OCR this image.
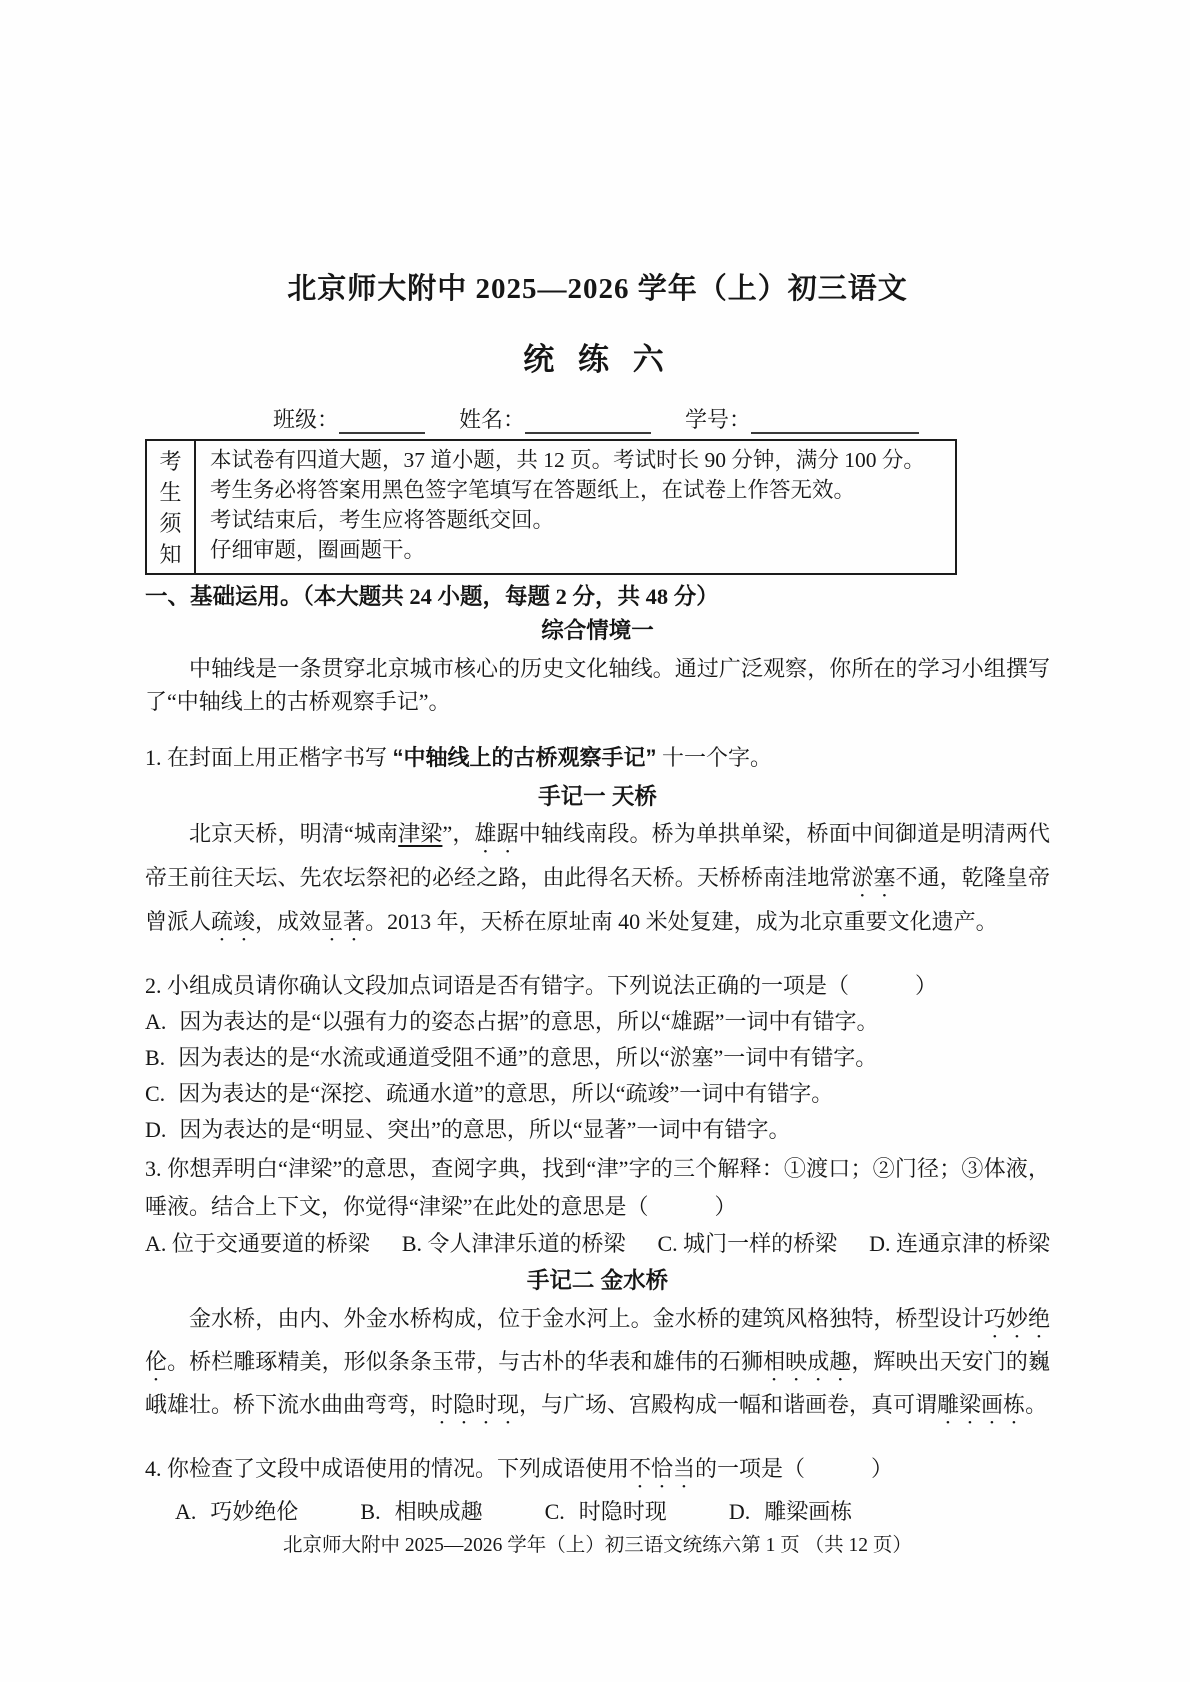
北京师大附中 2025—2026 学年（上）初三语文
统 练 六
班级：	姓名：	学号：
考
生
须
知
本试卷有四道大题，37 道小题，共 12 页。考试时长 90 分钟，满分 100 分。
考生务必将答案用黑色签字笔填写在答题纸上，在试卷上作答无效。
考试结束后，考生应将答题纸交回。
仔细审题，圈画题干。
一、基础运用。（本大题共 24 小题，每题 2 分，共 48 分）
综合情境一

中轴线是一条贯穿北京城市核心的历史文化轴线。通过广泛观察，你所在的学习小组撰写了“中轴线上的古桥观察手记”。

1. 在封面上用正楷字书写 “中轴线上的古桥观察手记” 十一个字。
手记一 天桥

北京天桥，明清“城南津梁”，雄踞中轴线南段。桥为单拱单梁，桥面中间御道是明清两代帝王前往天坛、先农坛祭祀的必经之路，由此得名天桥。天桥桥南洼地常淤塞不通，乾隆皇帝曾派人疏竣，成效显著。2013 年，天桥在原址南 40 米处复建，成为北京重要文化遗产。

2. 小组成员请你确认文段加点词语是否有错字。下列说法正确的一项是（　　　）
A. 因为表达的是“以强有力的姿态占据”的意思，所以“雄踞”一词中有错字。
B. 因为表达的是“水流或通道受阻不通”的意思，所以“淤塞”一词中有错字。
C. 因为表达的是“深挖、疏通水道”的意思，所以“疏竣”一词中有错字。
D. 因为表达的是“明显、突出”的意思，所以“显著”一词中有错字。
3. 你想弄明白“津梁”的意思，查阅字典，找到“津”字的三个解释：①渡口；②门径；③体液，唾液。结合上下文，你觉得“津梁”在此处的意思是（　　　）
A. 位于交通要道的桥梁 B. 令人津津乐道的桥梁 C. 城门一样的桥梁 D. 连通京津的桥梁
手记二 金水桥

金水桥，由内、外金水桥构成，位于金水河上。金水桥的建筑风格独特，桥型设计巧妙绝伦。桥栏雕琢精美，形似条条玉带，与古朴的华表和雄伟的石狮相映成趣，辉映出天安门的巍峨雄壮。桥下流水曲曲弯弯，时隐时现，与广场、宫殿构成一幅和谐画卷，真可谓雕梁画栋。

4. 你检查了文段中成语使用的情况。下列成语使用不恰当的一项是（　　　）
A. 巧妙绝伦	B. 相映成趣	C. 时隐时现	D. 雕梁画栋
北京师大附中 2025—2026 学年（上）初三语文统练六第 1 页 （共 12 页）
